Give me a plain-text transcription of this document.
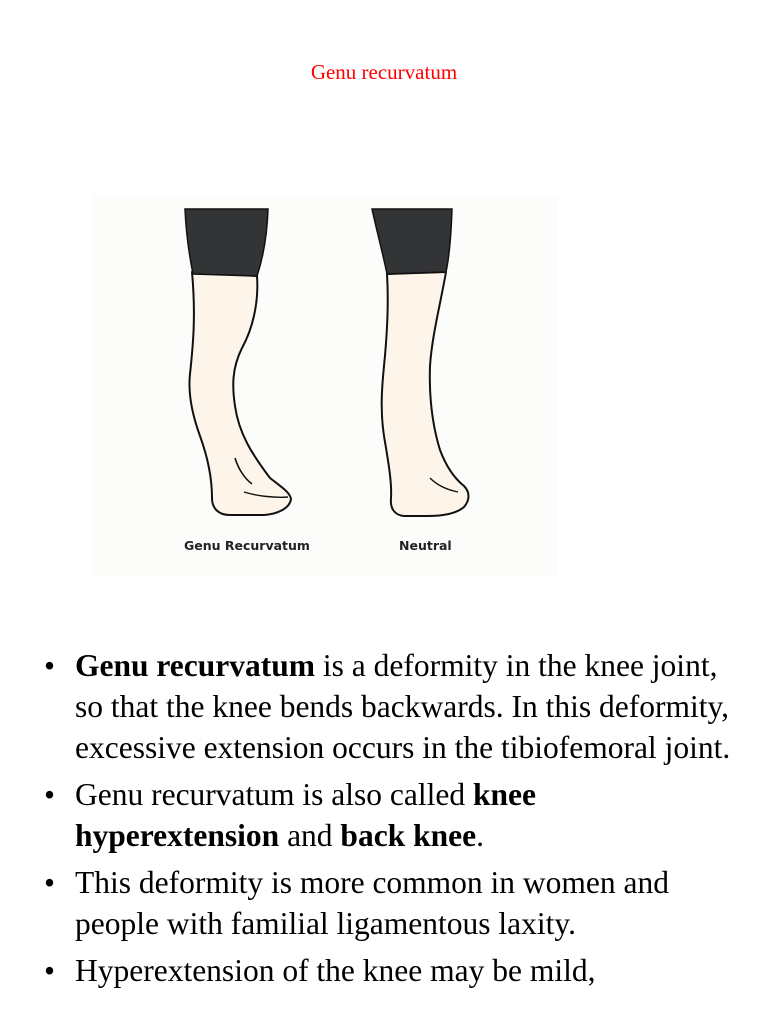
Genu recurvatum
Genu Recurvatum	Neutral
• Genu recurvatum is a deformity in the knee joint, so that the knee bends backwards. In this deformity, excessive extension occurs in the tibiofemoral joint.
• Genu recurvatum is also called knee hyperextension and back knee.
• This deformity is more common in women and people with familial ligamentous laxity.
• Hyperextension of the knee may be mild,
